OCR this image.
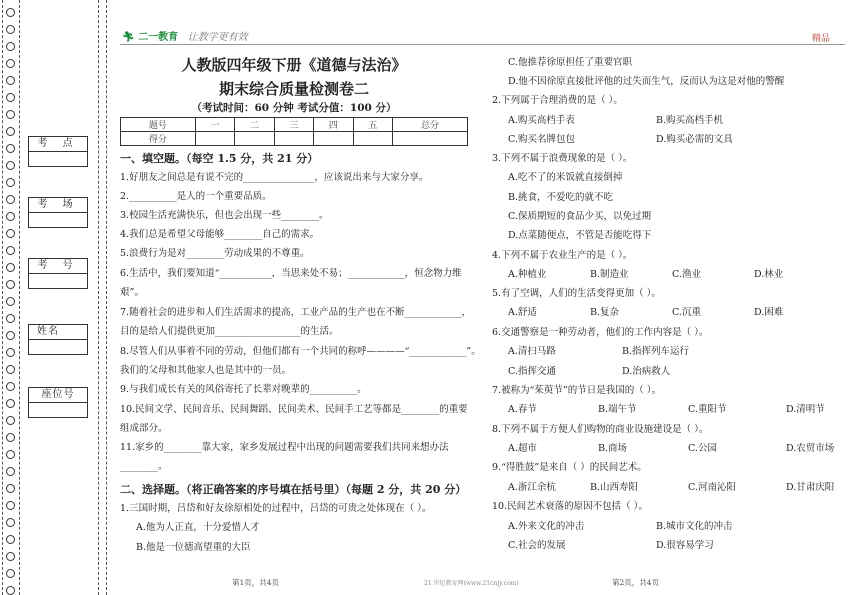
考 点
考 场
考 号
姓名
座位号
🏃︎ 二一教育 让教学更有效	精品
人教版四年级下册《道德与法治》
期末综合质量检测卷二
（考试时间：60 分钟 考试分值：100 分）
题号	一	二	三	四	五	总分
得分						
一、填空题。（每空 1.5 分，共 21 分）
1.好朋友之间总是有说不完的_______________，应该说出来与大家分享。
2.__________是人的一个重要品质。
3.校园生活充满快乐，但也会出现一些________。
4.我们总是希望父母能够________自己的需求。
5.浪费行为是对________劳动成果的不尊重。
6.生活中，我们要知道“___________，当思来处不易；____________，恒念物力维
艰”。
7.随着社会的进步和人们生活需求的提高，工业产品的生产也在不断____________，
目的是给人们提供更加__________________的生活。
8.尽管人们从事着不同的劳动，但他们都有一个共同的称呼————“____________”。
我们的父母和其他家人也是其中的一员。
9.与我们成长有关的风俗寄托了长辈对晚辈的__________。
10.民间文学、民间音乐、民间舞蹈、民间美术、民间手工艺等都是________的重要
组成部分。
11.家乡的________靠大家，家乡发展过程中出现的问题需要我们共同来想办法
________。
二、选择题。（将正确答案的序号填在括号里）（每题 2 分，共 20 分）
1.三国时期，吕岱和好友徐原相处的过程中，吕岱的可贵之处体现在（ ）。
A.他为人正直，十分爱惜人才
B.他是一位德高望重的大臣
C.他推荐徐原担任了重要官职
D.他不因徐原直接批评他的过失而生气，反而认为这是对他的警醒
2.下列属于合理消费的是（ ）。
A.购买高档手表	B.购买高档手机
C.购买名牌包包	D.购买必需的文具
3.下列不属于浪费现象的是（ ）。
A.吃不了的米饭就直接倒掉
B.挑食，不爱吃的就不吃
C.保质期短的食品少买，以免过期
D.点菜随便点，不管是否能吃得下
4.下列不属于农业生产的是（ ）。
A.种植业	B.制造业	C.渔业	D.林业
5.有了空调，人们的生活变得更加（ ）。
A.舒适	B.复杂	C.沉重	D.困难
6.交通警察是一种劳动者，他们的工作内容是（ ）。
A.清扫马路	B.指挥列车运行
C.指挥交通	D.治病救人
7.被称为“茱萸节”的节日是我国的（ ）。
A.春节	B.端午节	C.重阳节	D.清明节
8.下列不属于方便人们购物的商业设施建设是（ ）。
A.超市	B.商场	C.公园	D.农贸市场
9.“得胜鼓”是来自（ ）的民间艺术。
A.浙江余杭	B.山西寿阳	C.河南沁阳	D.甘肃庆阳
10.民间艺术衰落的原因不包括（ ）。
A.外来文化的冲击	B.城市文化的冲击
C.社会的发展	D.很容易学习
第1页，共4页	21 世纪教育网(www.21cnjy.com)	第2页，共4页
